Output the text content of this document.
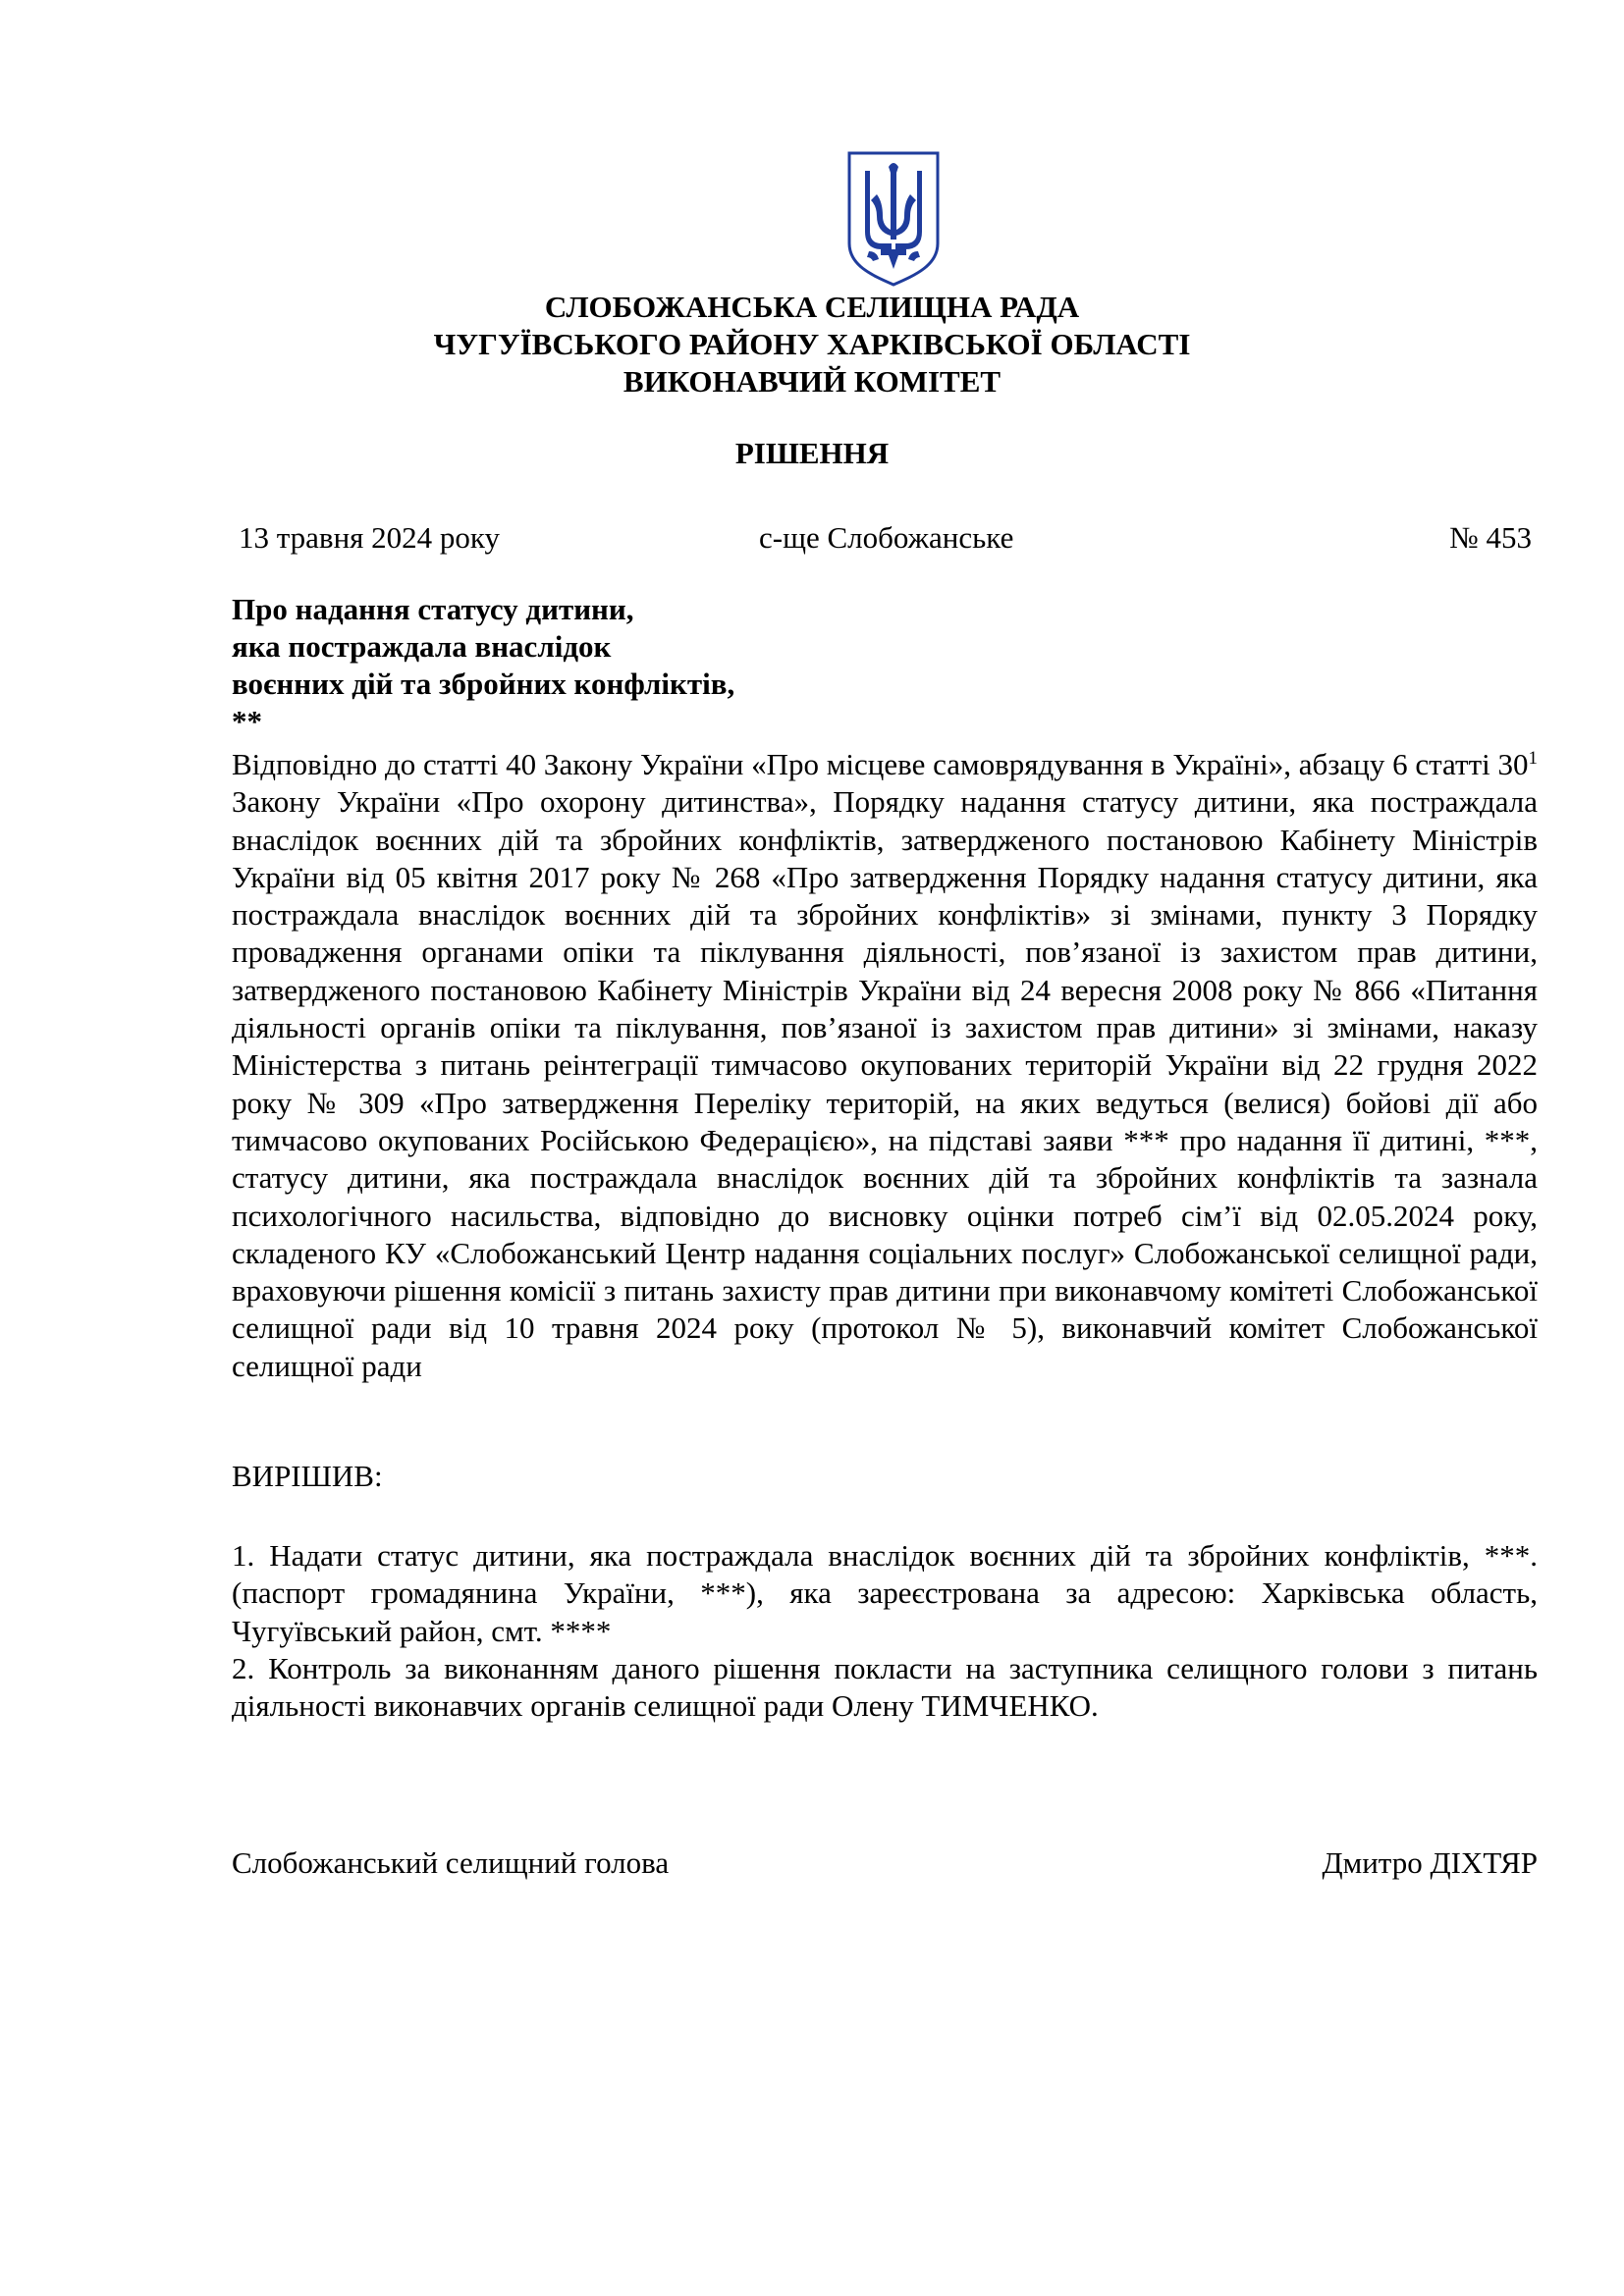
СЛОБОЖАНСЬКА СЕЛИЩНА РАДА
ЧУГУЇВСЬКОГО РАЙОНУ ХАРКІВСЬКОЇ ОБЛАСТІ
ВИКОНАВЧИЙ КОМІТЕТ
РІШЕННЯ
13 травня 2024 року	с-ще Слобожанське	№ 453
Про надання статусу дитини,
яка постраждала внаслідок
воєнних дій та збройних конфліктів,
**
Відповідно до статті 40 Закону України «Про місцеве самоврядування в Україні», абзацу 6 статті $30^1$ Закону України «Про охорону дитинства», Порядку надання статусу дитини, яка постраждала внаслідок воєнних дій та збройних конфліктів, затвердженого постановою Кабінету Міністрів України від 05 квітня 2017 року № 268 «Про затвердження Порядку надання статусу дитини, яка постраждала внаслідок воєнних дій та збройних конфліктів» зі змінами, пункту 3 Порядку провадження органами опіки та піклування діяльності, пов’язаної із захистом прав дитини, затвердженого постановою Кабінету Міністрів України від 24 вересня 2008 року № 866 «Питання діяльності органів опіки та піклування, пов’язаної із захистом прав дитини» зі змінами, наказу Міністерства з питань реінтеграції тимчасово окупованих територій України від 22 грудня 2022 року № 309 «Про затвердження Переліку територій, на яких ведуться (велися) бойові дії або тимчасово окупованих Російською Федерацією», на підставі заяви *** про надання її дитині, ***, статусу дитини, яка постраждала внаслідок воєнних дій та збройних конфліктів та зазнала психологічного насильства, відповідно до висновку оцінки потреб сім’ї від 02.05.2024 року, складеного КУ «Слобожанський Центр надання соціальних послуг» Слобожанської селищної ради, враховуючи рішення комісії з питань захисту прав дитини при виконавчому комітеті Слобожанської селищної ради від 10 травня 2024 року (протокол № 5), виконавчий комітет Слобожанської селищної ради
ВИРІШИВ:

1. Надати статус дитини, яка постраждала внаслідок воєнних дій та збройних конфліктів, ***. (паспорт громадянина України, ***), яка зареєстрована за адресою: Харківська область, Чугуївський район, смт. ****

2. Контроль за виконанням даного рішення покласти на заступника селищного голови з питань діяльності виконавчих органів селищної ради Олену ТИМЧЕНКО.

Слобожанський селищний голова	Дмитро ДІХТЯР
